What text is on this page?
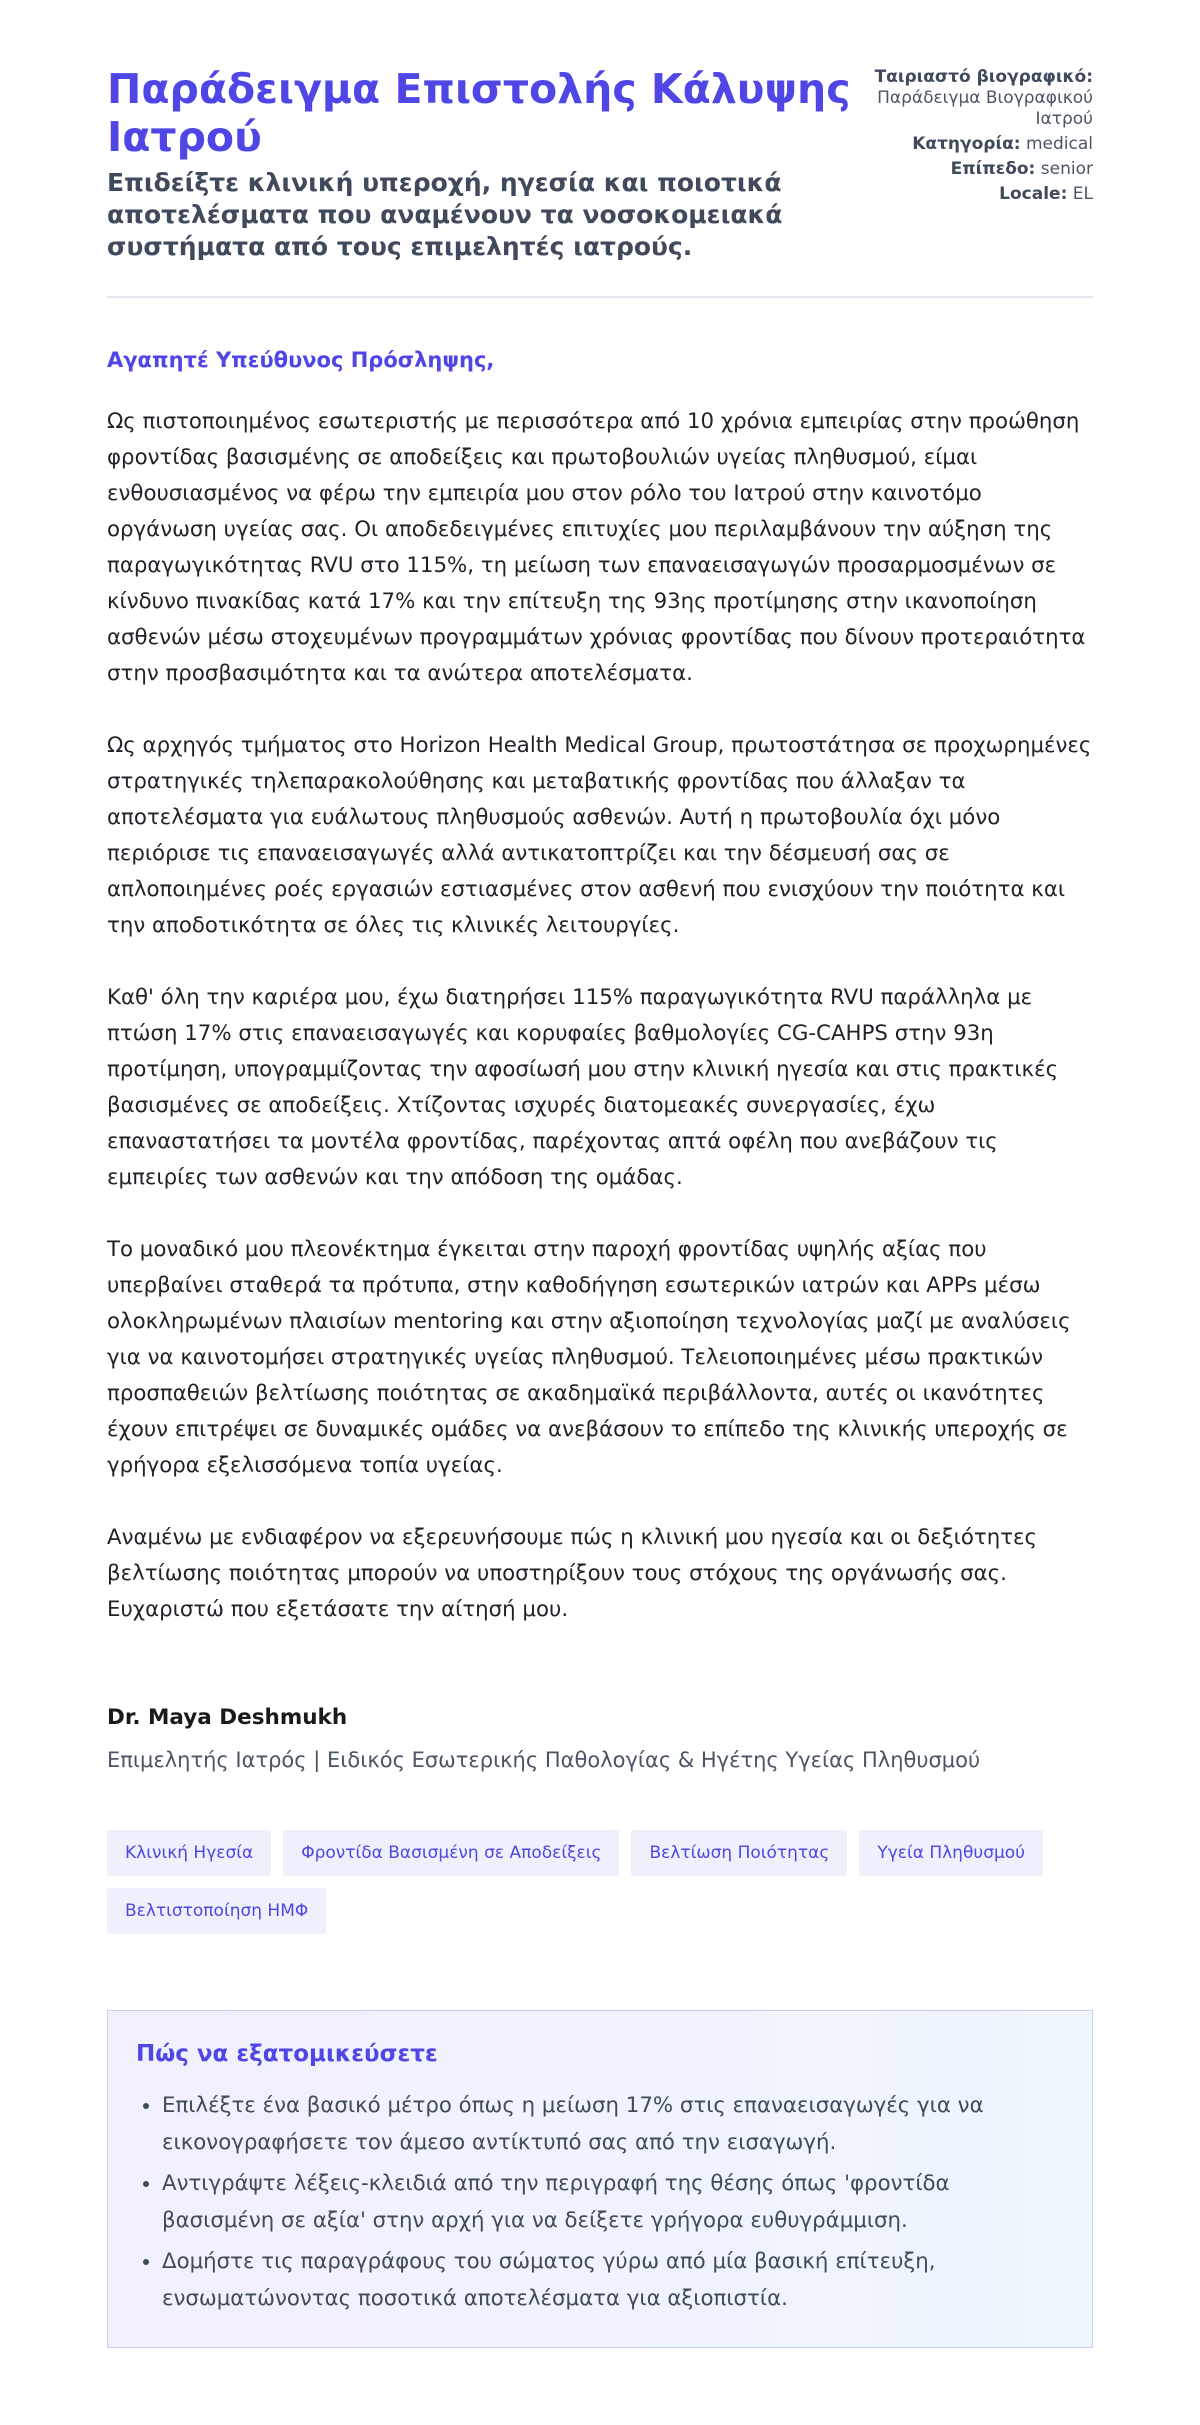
Παράδειγμα Επιστολής Κάλυψης Ιατρού

Επιδείξτε κλινική υπεροχή, ηγεσία και ποιοτικά αποτελέσματα που αναμένουν τα νοσοκομειακά συστήματα από τους επιμελητές ιατρούς.

Ταιριαστό βιογραφικό:
Παράδειγμα Βιογραφικού Ιατρού
Κατηγορία: medical
Επίπεδο: senior
Locale: EL

Αγαπητέ Υπεύθυνος Πρόσληψης,

Ως πιστοποιημένος εσωτεριστής με περισσότερα από 10 χρόνια εμπειρίας στην προώθηση φροντίδας βασισμένης σε αποδείξεις και πρωτοβουλιών υγείας πληθυσμού, είμαι ενθουσιασμένος να φέρω την εμπειρία μου στον ρόλο του Ιατρού στην καινοτόμο οργάνωση υγείας σας. Οι αποδεδειγμένες επιτυχίες μου περιλαμβάνουν την αύξηση της παραγωγικότητας RVU στο 115%, τη μείωση των επαναεισαγωγών προσαρμοσμένων σε κίνδυνο πινακίδας κατά 17% και την επίτευξη της 93ης προτίμησης στην ικανοποίηση ασθενών μέσω στοχευμένων προγραμμάτων χρόνιας φροντίδας που δίνουν προτεραιότητα στην προσβασιμότητα και τα ανώτερα αποτελέσματα.

Ως αρχηγός τμήματος στο Horizon Health Medical Group, πρωτοστάτησα σε προχωρημένες στρατηγικές τηλεπαρακολούθησης και μεταβατικής φροντίδας που άλλαξαν τα αποτελέσματα για ευάλωτους πληθυσμούς ασθενών. Αυτή η πρωτοβουλία όχι μόνο περιόρισε τις επαναεισαγωγές αλλά αντικατοπτρίζει και την δέσμευσή σας σε απλοποιημένες ροές εργασιών εστιασμένες στον ασθενή που ενισχύουν την ποιότητα και την αποδοτικότητα σε όλες τις κλινικές λειτουργίες.

Καθ' όλη την καριέρα μου, έχω διατηρήσει 115% παραγωγικότητα RVU παράλληλα με πτώση 17% στις επαναεισαγωγές και κορυφαίες βαθμολογίες CG-CAHPS στην 93η προτίμηση, υπογραμμίζοντας την αφοσίωσή μου στην κλινική ηγεσία και στις πρακτικές βασισμένες σε αποδείξεις. Χτίζοντας ισχυρές διατομεακές συνεργασίες, έχω επαναστατήσει τα μοντέλα φροντίδας, παρέχοντας απτά οφέλη που ανεβάζουν τις εμπειρίες των ασθενών και την απόδοση της ομάδας.

Το μοναδικό μου πλεονέκτημα έγκειται στην παροχή φροντίδας υψηλής αξίας που υπερβαίνει σταθερά τα πρότυπα, στην καθοδήγηση εσωτερικών ιατρών και APPs μέσω ολοκληρωμένων πλαισίων mentoring και στην αξιοποίηση τεχνολογίας μαζί με αναλύσεις για να καινοτομήσει στρατηγικές υγείας πληθυσμού. Τελειοποιημένες μέσω πρακτικών προσπαθειών βελτίωσης ποιότητας σε ακαδημαϊκά περιβάλλοντα, αυτές οι ικανότητες έχουν επιτρέψει σε δυναμικές ομάδες να ανεβάσουν το επίπεδο της κλινικής υπεροχής σε γρήγορα εξελισσόμενα τοπία υγείας.

Αναμένω με ενδιαφέρον να εξερευνήσουμε πώς η κλινική μου ηγεσία και οι δεξιότητες βελτίωσης ποιότητας μπορούν να υποστηρίξουν τους στόχους της οργάνωσής σας. Ευχαριστώ που εξετάσατε την αίτησή μου.

Dr. Maya Deshmukh
Επιμελητής Ιατρός | Ειδικός Εσωτερικής Παθολογίας & Ηγέτης Υγείας Πληθυσμού
Κλινική Ηγεσία	Φροντίδα Βασισμένη σε Αποδείξεις	Βελτίωση Ποιότητας	Υγεία Πληθυσμού
Βελτιστοποίηση ΗΜΦ
Πώς να εξατομικεύσετε
• Επιλέξτε ένα βασικό μέτρο όπως η μείωση 17% στις επαναεισαγωγές για να εικονογραφήσετε τον άμεσο αντίκτυπό σας από την εισαγωγή.
• Αντιγράψτε λέξεις-κλειδιά από την περιγραφή της θέσης όπως 'φροντίδα βασισμένη σε αξία' στην αρχή για να δείξετε γρήγορα ευθυγράμμιση.
• Δομήστε τις παραγράφους του σώματος γύρω από μία βασική επίτευξη, ενσωματώνοντας ποσοτικά αποτελέσματα για αξιοπιστία.
